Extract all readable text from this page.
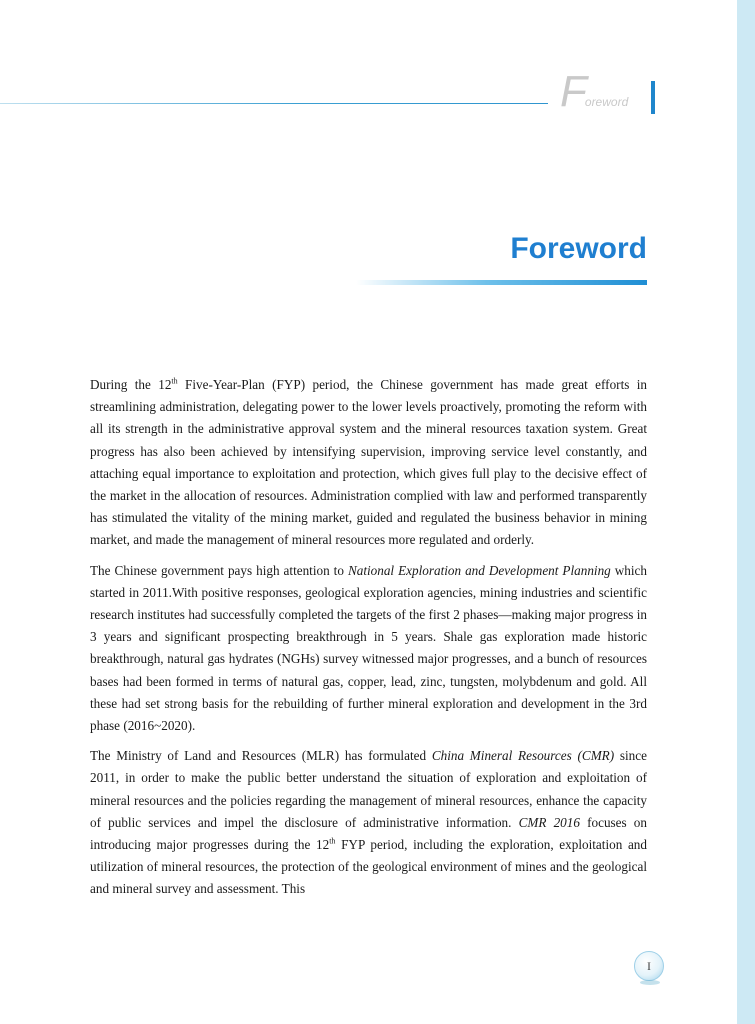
Foreword
Foreword

During the 12th Five-Year-Plan (FYP) period, the Chinese government has made great efforts in streamlining administration, delegating power to the lower levels proactively, promoting the reform with all its strength in the administrative approval system and the mineral resources taxation system. Great progress has also been achieved by intensifying supervision, improving service level constantly, and attaching equal importance to exploitation and protection, which gives full play to the decisive effect of the market in the allocation of resources. Administration complied with law and performed transparently has stimulated the vitality of the mining market, guided and regulated the business behavior in mining market, and made the management of mineral resources more regulated and orderly.

The Chinese government pays high attention to National Exploration and Development Planning which started in 2011.With positive responses, geological exploration agencies, mining industries and scientific research institutes had successfully completed the targets of the first 2 phases—making major progress in 3 years and significant prospecting breakthrough in 5 years. Shale gas exploration made historic breakthrough, natural gas hydrates (NGHs) survey witnessed major progresses, and a bunch of resources bases had been formed in terms of natural gas, copper, lead, zinc, tungsten, molybdenum and gold. All these had set strong basis for the rebuilding of further mineral exploration and development in the 3rd phase (2016~2020).

The Ministry of Land and Resources (MLR) has formulated China Mineral Resources (CMR) since 2011, in order to make the public better understand the situation of exploration and exploitation of mineral resources and the policies regarding the management of mineral resources, enhance the capacity of public services and impel the disclosure of administrative information. CMR 2016 focuses on introducing major progresses during the 12th FYP period, including the exploration, exploitation and utilization of mineral resources, the protection of the geological environment of mines and the geological and mineral survey and assessment. This

I
